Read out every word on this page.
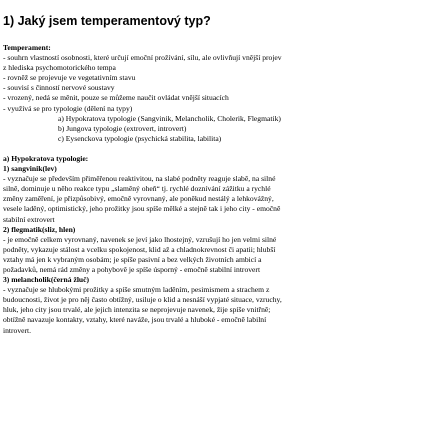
1) Jaký jsem temperamentový typ?
Temperament:
- souhrn vlastností osobnosti, které určují emoční prožívání, sílu, ale ovlivňují vnější projev
z hlediska psychomotorického tempa
- rovněž se projevuje ve vegetativním stavu
- souvisí s činností nervové soustavy
- vrozený, nedá se měnit, pouze se můžeme naučit ovládat vnější situacích
- využívá se pro typologie (dělení na typy)
a) Hypokratova typologie (Sangvinik, Melancholik, Cholerik, Flegmatik)
b) Jungova typologie (extrovert, introvert)
c) Eysenckova typologie (psychická stabilita, labilita)
a) Hypokratova typologie:
1) sangvinik(lev)
- vyznačuje se především přiměřenou reaktivitou, na slabé podněty reaguje slabě, na silné
silně, dominuje u něho reakce typu „slaměný oheň“ tj. rychlé doznívání zážitku a rychlé
změny zaměření, je přizpůsobivý, emočně vyrovnaný, ale poněkud nestálý a lehkovážný,
vesele laděný, optimistický, jeho prožitky jsou spíše mělké a stejně tak i jeho city - emočně
stabilní extrovert
2) flegmatik(sliz, hlen)
- je emočně celkem vyrovnaný, navenek se jeví jako lhostejný, vzrušují ho jen velmi silné
podněty, vykazuje stálost a vcelku spokojenost, klid až a chladnokrevnost či apatii; hlubší
vztahy má jen k vybraným osobám; je spíše pasivní a bez velkých životních ambicí a
požadavků, nemá rád změny a pohybově je spíše úsporný - emočně stabilní introvert
3) melancholik(černá žluč)
- vyznačuje se hlubokými prožitky a spíše smutným laděním, pesimismem a strachem z
budoucnosti, život je pro něj často obtížný, usiluje o klid a nesnáší vypjaté situace, vzruchy,
hluk, jeho city jsou trvalé, ale jejich intenzita se neprojevuje navenek, žije spíše vnitřně;
obtížně navazuje kontakty, vztahy, které naváže, jsou trvalé a hluboké - emočně labilní
introvert.
